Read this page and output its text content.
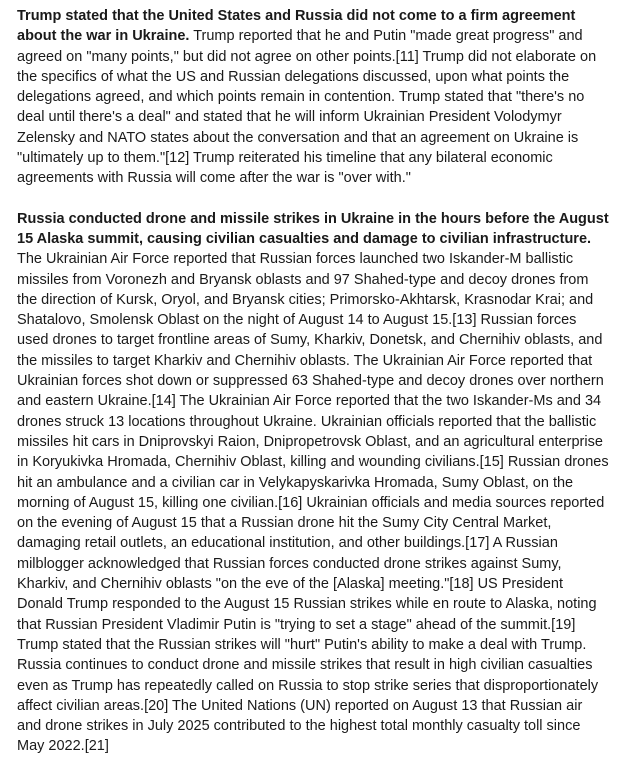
Trump stated that the United States and Russia did not come to a firm agreement about the war in Ukraine. Trump reported that he and Putin "made great progress" and agreed on "many points," but did not agree on other points.[11] Trump did not elaborate on the specifics of what the US and Russian delegations discussed, upon what points the delegations agreed, and which points remain in contention. Trump stated that "there's no deal until there's a deal" and stated that he will inform Ukrainian President Volodymyr Zelensky and NATO states about the conversation and that an agreement on Ukraine is "ultimately up to them."[12] Trump reiterated his timeline that any bilateral economic agreements with Russia will come after the war is "over with."

Russia conducted drone and missile strikes in Ukraine in the hours before the August 15 Alaska summit, causing civilian casualties and damage to civilian infrastructure. The Ukrainian Air Force reported that Russian forces launched two Iskander-M ballistic missiles from Voronezh and Bryansk oblasts and 97 Shahed-type and decoy drones from the direction of Kursk, Oryol, and Bryansk cities; Primorsko-Akhtarsk, Krasnodar Krai; and Shatalovo, Smolensk Oblast on the night of August 14 to August 15.[13] Russian forces used drones to target frontline areas of Sumy, Kharkiv, Donetsk, and Chernihiv oblasts, and the missiles to target Kharkiv and Chernihiv oblasts. The Ukrainian Air Force reported that Ukrainian forces shot down or suppressed 63 Shahed-type and decoy drones over northern and eastern Ukraine.[14] The Ukrainian Air Force reported that the two Iskander-Ms and 34 drones struck 13 locations throughout Ukraine. Ukrainian officials reported that the ballistic missiles hit cars in Dniprovskyi Raion, Dnipropetrovsk Oblast, and an agricultural enterprise in Koryukivka Hromada, Chernihiv Oblast, killing and wounding civilians.[15] Russian drones hit an ambulance and a civilian car in Velykapyskarivka Hromada, Sumy Oblast, on the morning of August 15, killing one civilian.[16] Ukrainian officials and media sources reported on the evening of August 15 that a Russian drone hit the Sumy City Central Market, damaging retail outlets, an educational institution, and other buildings.[17] A Russian milblogger acknowledged that Russian forces conducted drone strikes against Sumy, Kharkiv, and Chernihiv oblasts "on the eve of the [Alaska] meeting."[18] US President Donald Trump responded to the August 15 Russian strikes while en route to Alaska, noting that Russian President Vladimir Putin is "trying to set a stage" ahead of the summit.[19] Trump stated that the Russian strikes will "hurt" Putin's ability to make a deal with Trump. Russia continues to conduct drone and missile strikes that result in high civilian casualties even as Trump has repeatedly called on Russia to stop strike series that disproportionately affect civilian areas.[20] The United Nations (UN) reported on August 13 that Russian air and drone strikes in July 2025 contributed to the highest total monthly casualty toll since May 2022.[21]
